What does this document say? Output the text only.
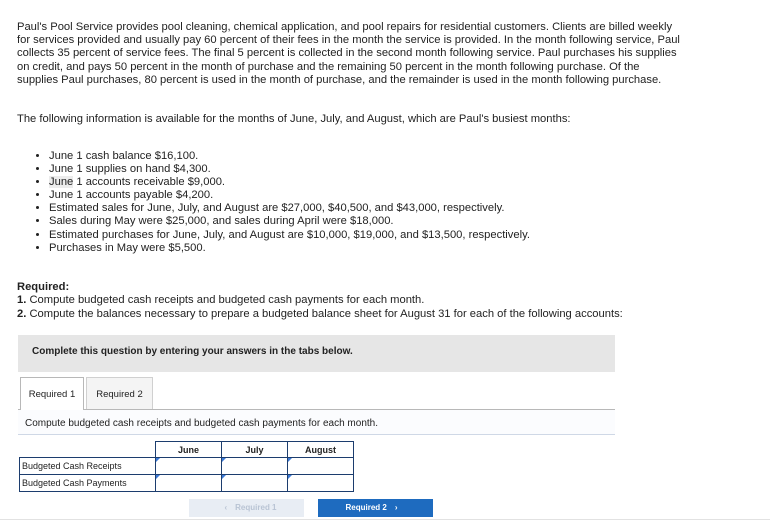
Paul's Pool Service provides pool cleaning, chemical application, and pool repairs for residential customers. Clients are billed weekly for services provided and usually pay 60 percent of their fees in the month the service is provided. In the month following service, Paul collects 35 percent of service fees. The final 5 percent is collected in the second month following service. Paul purchases his supplies on credit, and pays 50 percent in the month of purchase and the remaining 50 percent in the month following purchase. Of the supplies Paul purchases, 80 percent is used in the month of purchase, and the remainder is used in the month following purchase.

The following information is available for the months of June, July, and August, which are Paul's busiest months:

• June 1 cash balance $16,100.
• June 1 supplies on hand $4,300.
• June 1 accounts receivable $9,000.
• June 1 accounts payable $4,200.
• Estimated sales for June, July, and August are $27,000, $40,500, and $43,000, respectively.
• Sales during May were $25,000, and sales during April were $18,000.
• Estimated purchases for June, July, and August are $10,000, $19,000, and $13,500, respectively.
• Purchases in May were $5,500.
Required:
1. Compute budgeted cash receipts and budgeted cash payments for each month.
2. Compute the balances necessary to prepare a budgeted balance sheet for August 31 for each of the following accounts:
Complete this question by entering your answers in the tabs below.
Required 1	Required 2
Compute budgeted cash receipts and budgeted cash payments for each month.
	June	July	August
Budgeted Cash Receipts			
Budgeted Cash Payments			
‹ Required 1	Required 2 ›
